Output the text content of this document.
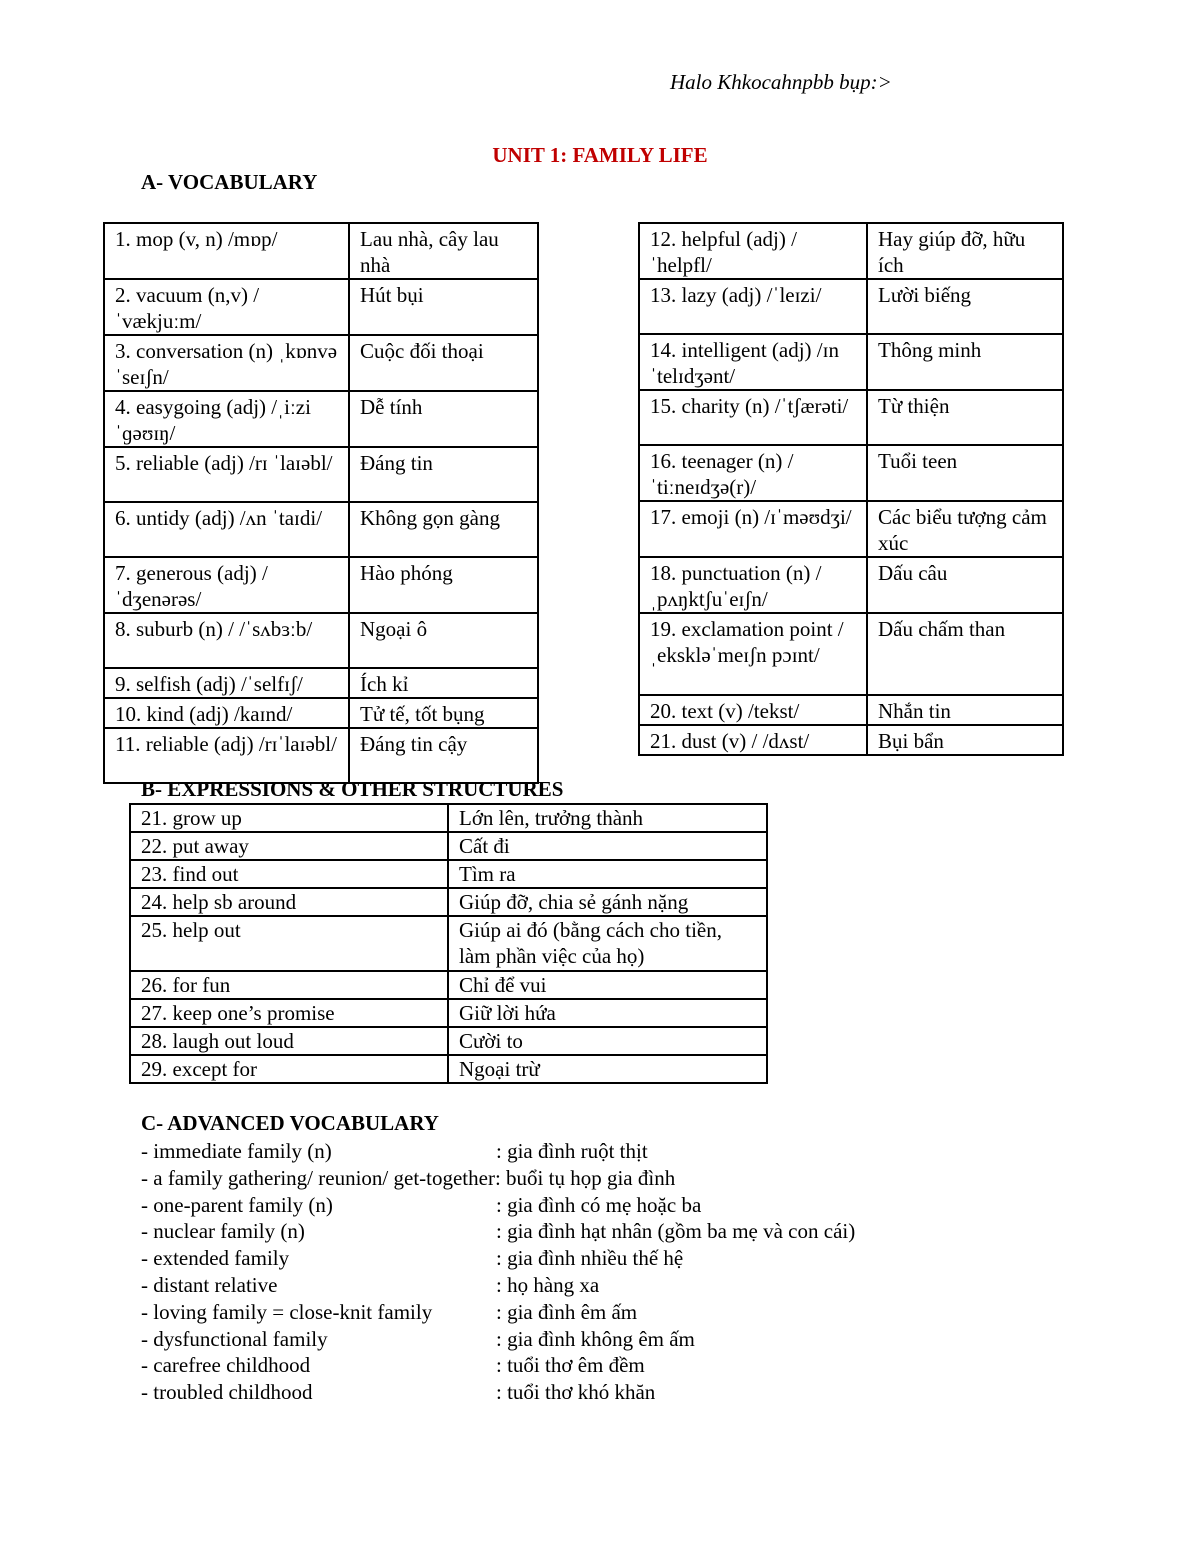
Halo Khkocahnpbb bụp:>
UNIT 1: FAMILY LIFE
A- VOCABULARY
1. mop (v, n) /mɒp/	Lau nhà, cây lau nhà
2. vacuum (n,v) / ˈvækjuːm/	Hút bụi
3. conversation (n) ˌkɒnvəˈseɪʃn/	Cuộc đối thoại
4. easygoing (adj) /ˌiːzi ˈɡəʊɪŋ/	Dễ tính
5. reliable (adj) /rɪ ˈlaɪəbl/	Đáng tin
6. untidy (adj) /ʌn ˈtaɪdi/	Không gọn gàng
7. generous (adj) / ˈdʒenərəs/	Hào phóng
8. suburb (n) / /ˈsʌbɜːb/	Ngoại ô
9. selfish (adj) /ˈselfɪʃ/	Ích kỉ
10. kind (adj) /kaɪnd/	Tử tế, tốt bụng
11. reliable (adj) /rɪˈlaɪəbl/	Đáng tin cậy
12. helpful (adj) /ˈhelpfl/	Hay giúp đỡ, hữu ích
13. lazy (adj) /ˈleɪzi/	Lười biếng
14. intelligent (adj) /ɪnˈtelɪdʒənt/	Thông minh
15. charity (n) /ˈtʃærəti/	Từ thiện
16. teenager (n) /ˈtiːneɪdʒə(r)/	Tuổi teen
17. emoji (n) /ɪˈməʊdʒi/	Các biểu tượng cảm xúc
18. punctuation (n) /ˌpʌŋktʃuˈeɪʃn/	Dấu câu
19. exclamation point /ˌekskləˈmeɪʃn pɔɪnt/	Dấu chấm than
20. text (v) /tekst/	Nhắn tin
21. dust (v) / /dʌst/	Bụi bẩn
B- EXPRESSIONS & OTHER STRUCTURES
21. grow up	Lớn lên, trưởng thành
22. put away	Cất đi
23. find out	Tìm ra
24. help sb around	Giúp đỡ, chia sẻ gánh nặng
25. help out	Giúp ai đó (bằng cách cho tiền, làm phần việc của họ)
26. for fun	Chỉ để vui
27. keep one’s promise	Giữ lời hứa
28. laugh out loud	Cười to
29. except for	Ngoại trừ
C- ADVANCED VOCABULARY
- immediate family (n)	: gia đình ruột thịt
- a family gathering/ reunion/ get-together : buổi tụ họp gia đình
- one-parent family (n)	: gia đình có mẹ hoặc ba
- nuclear family (n)	: gia đình hạt nhân (gồm ba mẹ và con cái)
- extended family	: gia đình nhiều thế hệ
- distant relative	: họ hàng xa
- loving family = close-knit family	: gia đình êm ấm
- dysfunctional family	: gia đình không êm ấm
- carefree childhood	: tuổi thơ êm đềm
- troubled childhood	: tuổi thơ khó khăn
